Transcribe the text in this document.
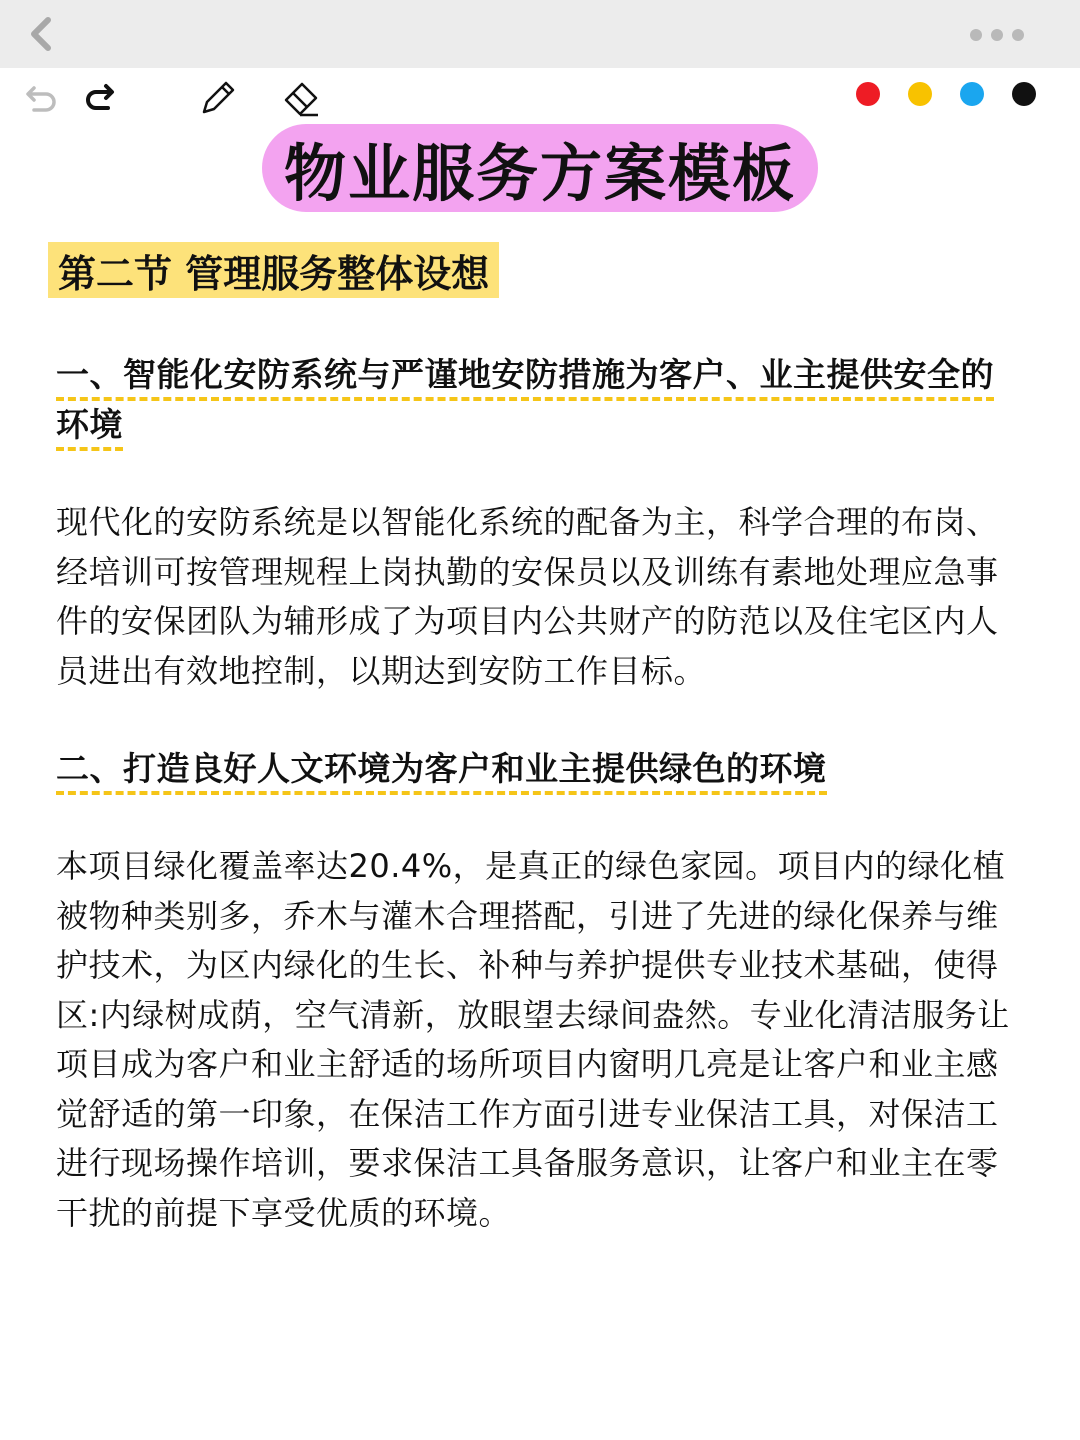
物业服务方案模板
第二节 管理服务整体设想

一、智能化安防系统与严谨地安防措施为客户、业主提供安全的环境

现代化的安防系统是以智能化系统的配备为主，科学合理的布岗、经培训可按管理规程上岗执勤的安保员以及训练有素地处理应急事件的安保团队为辅形成了为项目内公共财产的防范以及住宅区内人
员进出有效地控制，以期达到安防工作目标。

二、打造良好人文环境为客户和业主提供绿色的环境

本项目绿化覆盖率达20.4%，是真正的绿色家园。项目内的绿化植被物种类别多，乔木与灌木合理搭配，引进了先进的绿化保养与维护技术，为区内绿化的生长、补种与养护提供专业技术基础，使得区:内绿树成荫，空气清新，放眼望去绿间盎然。专业化清洁服务让项目成为客户和业主舒适的场所项目内窗明几亮是让客户和业主感觉舒适的第一印象，在保洁工作方面引进专业保洁工具，对保洁工进行现场操作培训，要求保洁工具备服务意识，让客户和业主在零干扰的前提下享受优质的环境。
